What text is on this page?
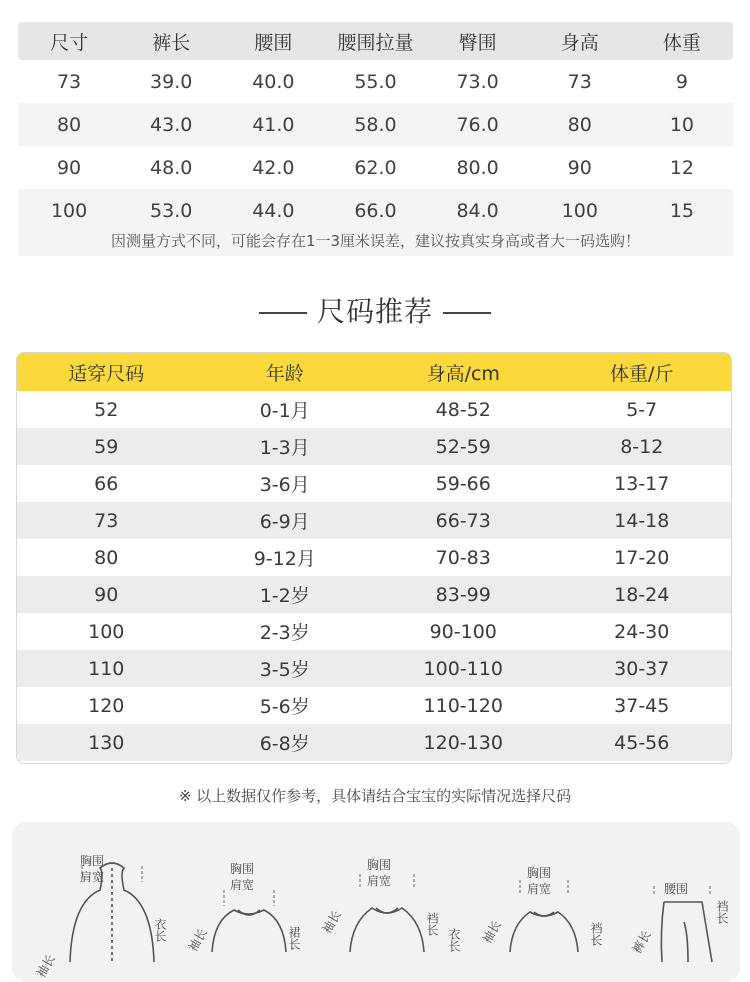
尺寸	裤长	腰围	腰围拉量	臀围	身高	体重
73	39.0	40.0	55.0	73.0	73	9
80	43.0	41.0	58.0	76.0	80	10
90	48.0	42.0	62.0	80.0	90	12
100	53.0	44.0	66.0	84.0	100	15
因测量方式不同，可能会存在1一3厘米误差，建议按真实身高或者大一码选购！
尺码推荐
适穿尺码	年龄	身高/cm	体重/斤
52	0-1月	48-52	5-7
59	1-3月	52-59	8-12
66	3-6月	59-66	13-17
73	6-9月	66-73	14-18
80	9-12月	70-83	17-20
90	1-2岁	83-99	18-24
100	2-3岁	90-100	24-30
110	3-5岁	100-110	30-37
120	5-6岁	110-120	37-45
130	6-8岁	120-130	45-56
※ 以上数据仅作参考，具体请结合宝宝的实际情况选择尺码
胸围
肩宽
袖长
衣长
胸围
肩宽
袖长	裙长
胸围
肩宽
袖长	裆长
衣长
胸围
肩宽
袖长	裆长
腰围
裤长
裆长
